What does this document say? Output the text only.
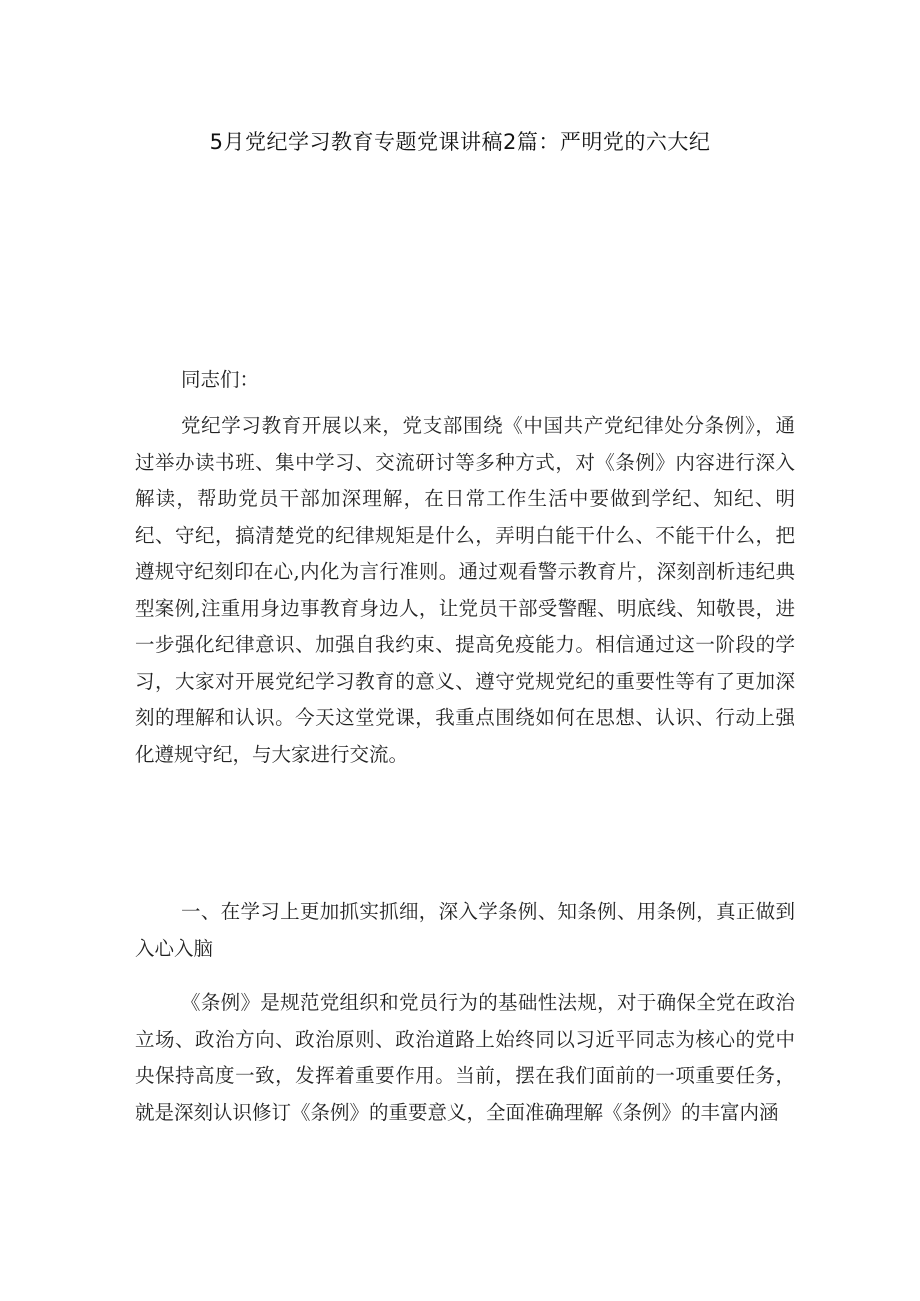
5月党纪学习教育专题党课讲稿2篇：严明党的六大纪

同志们：

党纪学习教育开展以来，党支部围绕《中国共产党纪律处分条例》，通过举办读书班、集中学习、交流研讨等多种方式，对《条例》内容进行深入解读，帮助党员干部加深理解，在日常工作生活中要做到学纪、知纪、明纪、守纪，搞清楚党的纪律规矩是什么，弄明白能干什么、不能干什么，把遵规守纪刻印在心,内化为言行准则。通过观看警示教育片，深刻剖析违纪典型案例,注重用身边事教育身边人，让党员干部受警醒、明底线、知敬畏，进一步强化纪律意识、加强自我约束、提高免疫能力。相信通过这一阶段的学习，大家对开展党纪学习教育的意义、遵守党规党纪的重要性等有了更加深刻的理解和认识。今天这堂党课，我重点围绕如何在思想、认识、行动上强化遵规守纪，与大家进行交流。

一、在学习上更加抓实抓细，深入学条例、知条例、用条例，真正做到入心入脑

《条例》是规范党组织和党员行为的基础性法规，对于确保全党在政治立场、政治方向、政治原则、政治道路上始终同以习近平同志为核心的党中央保持高度一致，发挥着重要作用。当前，摆在我们面前的一项重要任务，就是深刻认识修订《条例》的重要意义，全面准确理解《条例》的丰富内涵
